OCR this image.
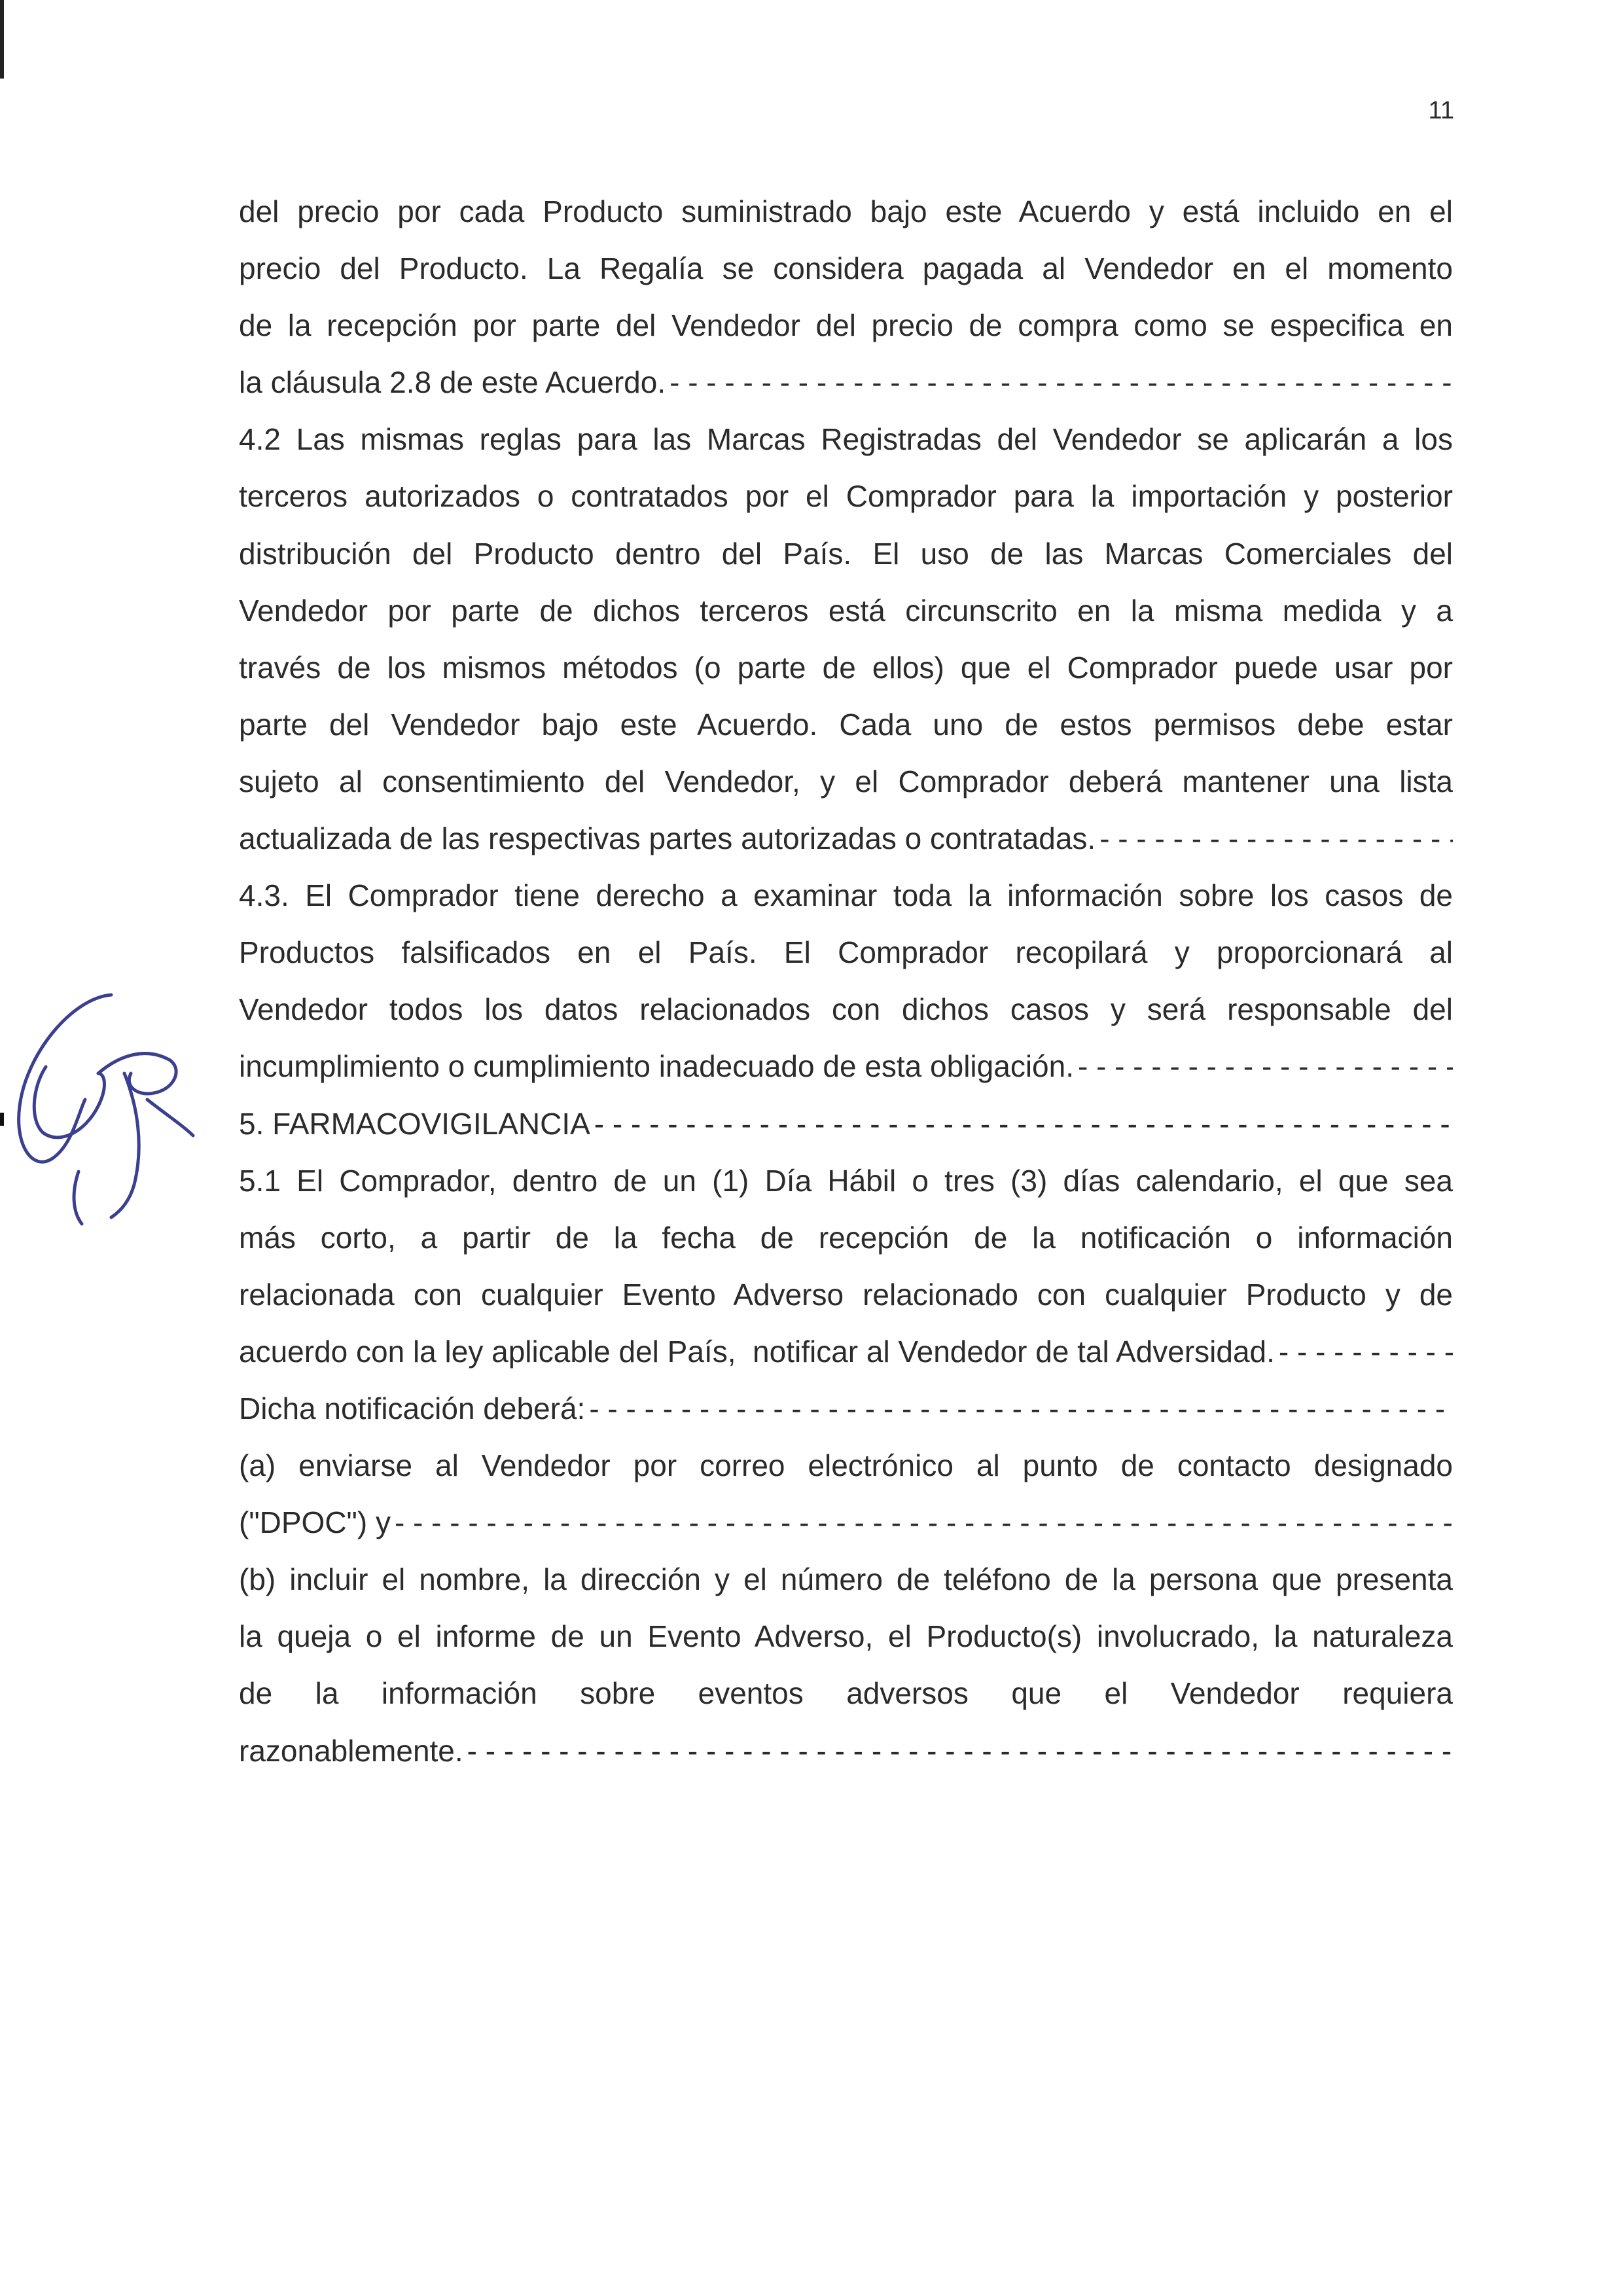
11
del precio por cada Producto suministrado bajo este Acuerdo y está incluido en el
precio del Producto. La Regalía se considera pagada al Vendedor en el momento
de la recepción por parte del Vendedor del precio de compra como se especifica en
la cláusula 2.8 de este Acuerdo.
- - -
4.2 Las mismas reglas para las Marcas Registradas del Vendedor se aplicarán a los
terceros autorizados o contratados por el Comprador para la importación y posterior
distribución del Producto dentro del País. El uso de las Marcas Comerciales del
Vendedor por parte de dichos terceros está circunscrito en la misma medida y a
través de los mismos métodos (o parte de ellos) que el Comprador puede usar por
parte del Vendedor bajo este Acuerdo. Cada uno de estos permisos debe estar
sujeto al consentimiento del Vendedor, y el Comprador deberá mantener una lista
actualizada de las respectivas partes autorizadas o contratadas.
- - -
4.3. El Comprador tiene derecho a examinar toda la información sobre los casos de
Productos falsificados en el País. El Comprador recopilará y proporcionará al
Vendedor todos los datos relacionados con dichos casos y será responsable del
incumplimiento o cumplimiento inadecuado de esta obligación.
- - -
5. FARMACOVIGILANCIA
- - -
5.1 El Comprador, dentro de un (1) Día Hábil o tres (3) días calendario, el que sea
más corto, a partir de la fecha de recepción de la notificación o información
relacionada con cualquier Evento Adverso relacionado con cualquier Producto y de
acuerdo con la ley aplicable del País,  notificar al Vendedor de tal Adversidad.
- - -
Dicha notificación deberá:
- - -
(a) enviarse al Vendedor por correo electrónico al punto de contacto designado
("DPOC") y
- - -
(b) incluir el nombre, la dirección y el número de teléfono de la persona que presenta
la queja o el informe de un Evento Adverso, el Producto(s) involucrado, la naturaleza
de la información sobre eventos adversos que el Vendedor requiera
razonablemente.
- - -
